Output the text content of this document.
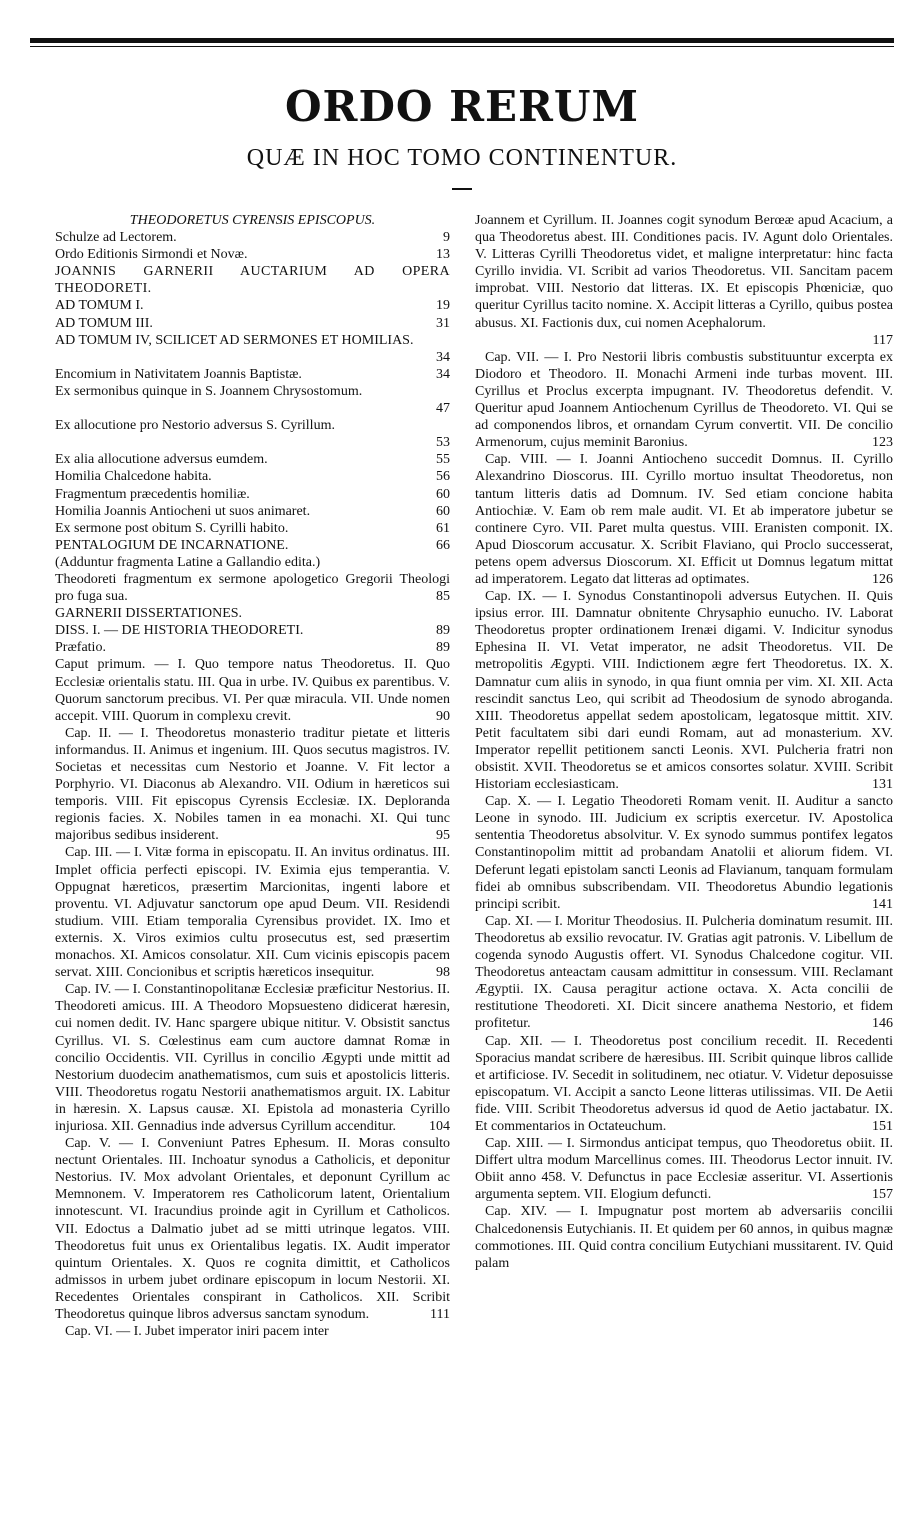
ORDO RERUM
QUÆ IN HOC TOMO CONTINENTUR.
THEODORETUS CYRENSIS EPISCOPUS.
Schulze ad Lectorem.	9
Ordo Editionis Sirmondi et Novæ.	13

JOANNIS GARNERII AUCTARIUM AD OPERA THEODORETI.

AD TOMUM I.	19
AD TOMUM III.	31

AD TOMUM IV, SCILICET AD SERMONES ET HOMILIAS.
34

Encomium in Nativitatem Joannis Baptistæ.	34

Ex sermonibus quinque in S. Joannem Chrysostomum.
47

Ex allocutione pro Nestorio adversus S. Cyrillum.
53

Ex alia allocutione adversus eumdem.	55
Homilia Chalcedone habita.	56
Fragmentum præcedentis homiliæ.	60
Homilia Joannis Antiocheni ut suos animaret.	60
Ex sermone post obitum S. Cyrilli habito.	61
PENTALOGIUM DE INCARNATIONE.	66

(Adduntur fragmenta Latine a Gallandio edita.)

Theodoreti fragmentum ex sermone apologetico Gregorii Theologi pro fuga sua.	85

GARNERII DISSERTATIONES.

DISS. I. — DE HISTORIA THEODORETI.	89
Præfatio.	89

Caput primum. — I. Quo tempore natus Theodoretus. II. Quo Ecclesiæ orientalis statu. III. Qua in urbe. IV. Quibus ex parentibus. V. Quorum sanctorum precibus. VI. Per quæ miracula. VII. Unde nomen accepit. VIII. Quorum in complexu crevit.	90

Cap. II. — I. Theodoretus monasterio traditur pietate et litteris informandus. II. Animus et ingenium. III. Quos secutus magistros. IV. Societas et necessitas cum Nestorio et Joanne. V. Fit lector a Porphyrio. VI. Diaconus ab Alexandro. VII. Odium in hæreticos sui temporis. VIII. Fit episcopus Cyrensis Ecclesiæ. IX. Deploranda regionis facies. X. Nobiles tamen in ea monachi. XI. Qui tunc majoribus sedibus insiderent.	95

Cap. III. — I. Vitæ forma in episcopatu. II. An invitus ordinatus. III. Implet officia perfecti episcopi. IV. Eximia ejus temperantia. V. Oppugnat hæreticos, præsertim Marcionitas, ingenti labore et proventu. VI. Adjuvatur sanctorum ope apud Deum. VII. Residendi studium. VIII. Etiam temporalia Cyrensibus providet. IX. Imo et externis. X. Viros eximios cultu prosecutus est, sed præsertim monachos. XI. Amicos consolatur. XII. Cum vicinis episcopis pacem servat. XIII. Concionibus et scriptis hæreticos insequitur.	98

Cap. IV. — I. Constantinopolitanæ Ecclesiæ præficitur Nestorius. II. Theodoreti amicus. III. A Theodoro Mopsuesteno didicerat hæresin, cui nomen dedit. IV. Hanc spargere ubique nititur. V. Obsistit sanctus Cyrillus. VI. S. Cœlestinus eam cum auctore damnat Romæ in concilio Occidentis. VII. Cyrillus in concilio Ægypti unde mittit ad Nestorium duodecim anathematismos, cum suis et apostolicis litteris. VIII. Theodoretus rogatu Nestorii anathematismos arguit. IX. Labitur in hæresin. X. Lapsus causæ. XI. Epistola ad monasteria Cyrillo injuriosa. XII. Gennadius inde adversus Cyrillum accenditur.	104

Cap. V. — I. Conveniunt Patres Ephesum. II. Moras consulto nectunt Orientales. III. Inchoatur synodus a Catholicis, et deponitur Nestorius. IV. Mox advolant Orientales, et deponunt Cyrillum ac Memnonem. V. Imperatorem res Catholicorum latent, Orientalium innotescunt. VI. Iracundius proinde agit in Cyrillum et Catholicos. VII. Edoctus a Dalmatio jubet ad se mitti utrinque legatos. VIII. Theodoretus fuit unus ex Orientalibus legatis. IX. Audit imperator quintum Orientales. X. Quos re cognita dimittit, et Catholicos admissos in urbem jubet ordinare episcopum in locum Nestorii. XI. Recedentes Orientales conspirant in Catholicos. XII. Scribit Theodoretus quinque libros adversus sanctam synodum.	111

Cap. VI. — I. Jubet imperator iniri pacem inter

Joannem et Cyrillum. II. Joannes cogit synodum Berœæ apud Acacium, a qua Theodoretus abest. III. Conditiones pacis. IV. Agunt dolo Orientales. V. Litteras Cyrilli Theodoretus videt, et maligne interpretatur: hinc facta Cyrillo invidia. VI. Scribit ad varios Theodoretus. VII. Sancitam pacem improbat. VIII. Nestorio dat litteras. IX. Et episcopis Phœniciæ, quo queritur Cyrillus tacito nomine. X. Accipit litteras a Cyrillo, quibus postea abusus. XI. Factionis dux, cui nomen Acephalorum.
117

Cap. VII. — I. Pro Nestorii libris combustis substituuntur excerpta ex Diodoro et Theodoro. II. Monachi Armeni inde turbas movent. III. Cyrillus et Proclus excerpta impugnant. IV. Theodoretus defendit. V. Queritur apud Joannem Antiochenum Cyrillus de Theodoreto. VI. Qui se ad componendos libros, et ornandam Cyrum convertit. VII. De concilio Armenorum, cujus meminit Baronius.	123

Cap. VIII. — I. Joanni Antiocheno succedit Domnus. II. Cyrillo Alexandrino Dioscorus. III. Cyrillo mortuo insultat Theodoretus, non tantum litteris datis ad Domnum. IV. Sed etiam concione habita Antiochiæ. V. Eam ob rem male audit. VI. Et ab imperatore jubetur se continere Cyro. VII. Paret multa questus. VIII. Eranisten componit. IX. Apud Dioscorum accusatur. X. Scribit Flaviano, qui Proclo successerat, petens opem adversus Dioscorum. XI. Efficit ut Domnus legatum mittat ad imperatorem. Legato dat litteras ad optimates.	126

Cap. IX. — I. Synodus Constantinopoli adversus Eutychen. II. Quis ipsius error. III. Damnatur obnitente Chrysaphio eunucho. IV. Laborat Theodoretus propter ordinationem Irenæi digami. V. Indicitur synodus Ephesina II. VI. Vetat imperator, ne adsit Theodoretus. VII. De metropolitis Ægypti. VIII. Indictionem ægre fert Theodoretus. IX. X. Damnatur cum aliis in synodo, in qua fiunt omnia per vim. XI. XII. Acta rescindit sanctus Leo, qui scribit ad Theodosium de synodo abroganda. XIII. Theodoretus appellat sedem apostolicam, legatosque mittit. XIV. Petit facultatem sibi dari eundi Romam, aut ad monasterium. XV. Imperator repellit petitionem sancti Leonis. XVI. Pulcheria fratri non obsistit. XVII. Theodoretus se et amicos consortes solatur. XVIII. Scribit Historiam ecclesiasticam.	131

Cap. X. — I. Legatio Theodoreti Romam venit. II. Auditur a sancto Leone in synodo. III. Judicium ex scriptis exercetur. IV. Apostolica sententia Theodoretus absolvitur. V. Ex synodo summus pontifex legatos Constantinopolim mittit ad probandam Anatolii et aliorum fidem. VI. Deferunt legati epistolam sancti Leonis ad Flavianum, tanquam formulam fidei ab omnibus subscribendam. VII. Theodoretus Abundio legationis principi scribit.	141

Cap. XI. — I. Moritur Theodosius. II. Pulcheria dominatum resumit. III. Theodoretus ab exsilio revocatur. IV. Gratias agit patronis. V. Libellum de cogenda synodo Augustis offert. VI. Synodus Chalcedone cogitur. VII. Theodoretus anteactam causam admittitur in consessum. VIII. Reclamant Ægyptii. IX. Causa peragitur actione octava. X. Acta concilii de restitutione Theodoreti. XI. Dicit sincere anathema Nestorio, et fidem profitetur.	146

Cap. XII. — I. Theodoretus post concilium recedit. II. Recedenti Sporacius mandat scribere de hæresibus. III. Scribit quinque libros callide et artificiose. IV. Secedit in solitudinem, nec otiatur. V. Videtur deposuisse episcopatum. VI. Accipit a sancto Leone litteras utilissimas. VII. De Aetii fide. VIII. Scribit Theodoretus adversus id quod de Aetio jactabatur. IX. Et commentarios in Octateuchum.	151

Cap. XIII. — I. Sirmondus anticipat tempus, quo Theodoretus obiit. II. Differt ultra modum Marcellinus comes. III. Theodorus Lector innuit. IV. Obiit anno 458. V. Defunctus in pace Ecclesiæ asseritur. VI. Assertionis argumenta septem. VII. Elogium defuncti.	157

Cap. XIV. — I. Impugnatur post mortem ab adversariis concilii Chalcedonensis Eutychianis. II. Et quidem per 60 annos, in quibus magnæ commotiones. III. Quid contra concilium Eutychiani mussitarent. IV. Quid palam
